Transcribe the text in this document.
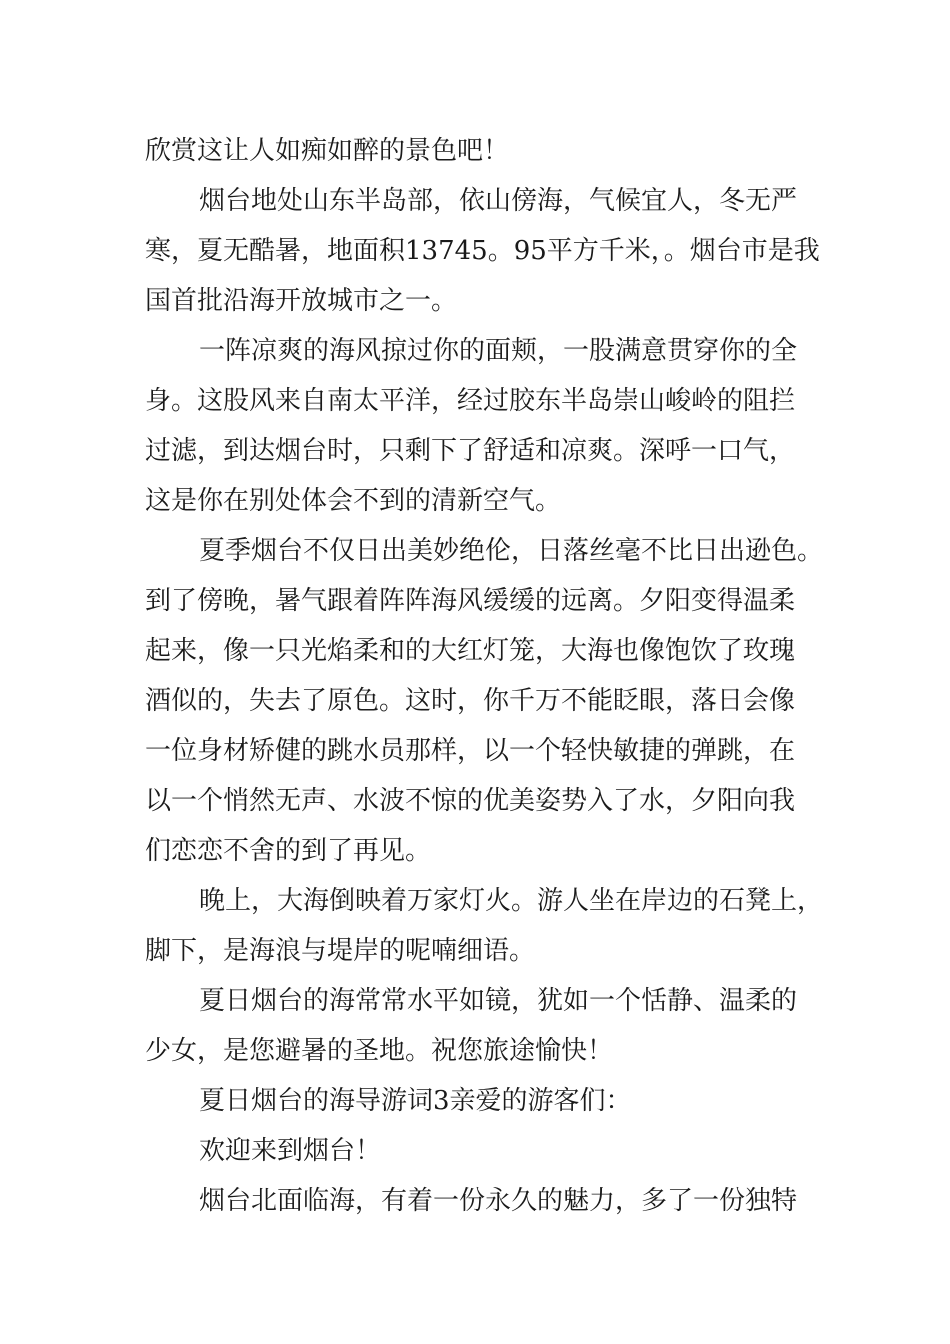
欣赏这让人如痴如醉的景色吧！
烟台地处山东半岛部，依山傍海，气候宜人，冬无严
寒，夏无酷暑，地面积13745。95平方千米，。烟台市是我
国首批沿海开放城市之一。
一阵凉爽的海风掠过你的面颊，一股满意贯穿你的全
身。这股风来自南太平洋，经过胶东半岛崇山峻岭的阻拦
过滤，到达烟台时，只剩下了舒适和凉爽。深呼一口气，
这是你在别处体会不到的清新空气。
夏季烟台不仅日出美妙绝伦，日落丝毫不比日出逊色。
到了傍晚，暑气跟着阵阵海风缓缓的远离。夕阳变得温柔
起来，像一只光焰柔和的大红灯笼，大海也像饱饮了玫瑰
酒似的，失去了原色。这时，你千万不能眨眼，落日会像
一位身材矫健的跳水员那样，以一个轻快敏捷的弹跳，在
以一个悄然无声、水波不惊的优美姿势入了水，夕阳向我
们恋恋不舍的到了再见。
晚上，大海倒映着万家灯火。游人坐在岸边的石凳上，
脚下，是海浪与堤岸的呢喃细语。
夏日烟台的海常常水平如镜，犹如一个恬静、温柔的
少女，是您避暑的圣地。祝您旅途愉快！
夏日烟台的海导游词3亲爱的游客们：
欢迎来到烟台！
烟台北面临海，有着一份永久的魅力，多了一份独特
